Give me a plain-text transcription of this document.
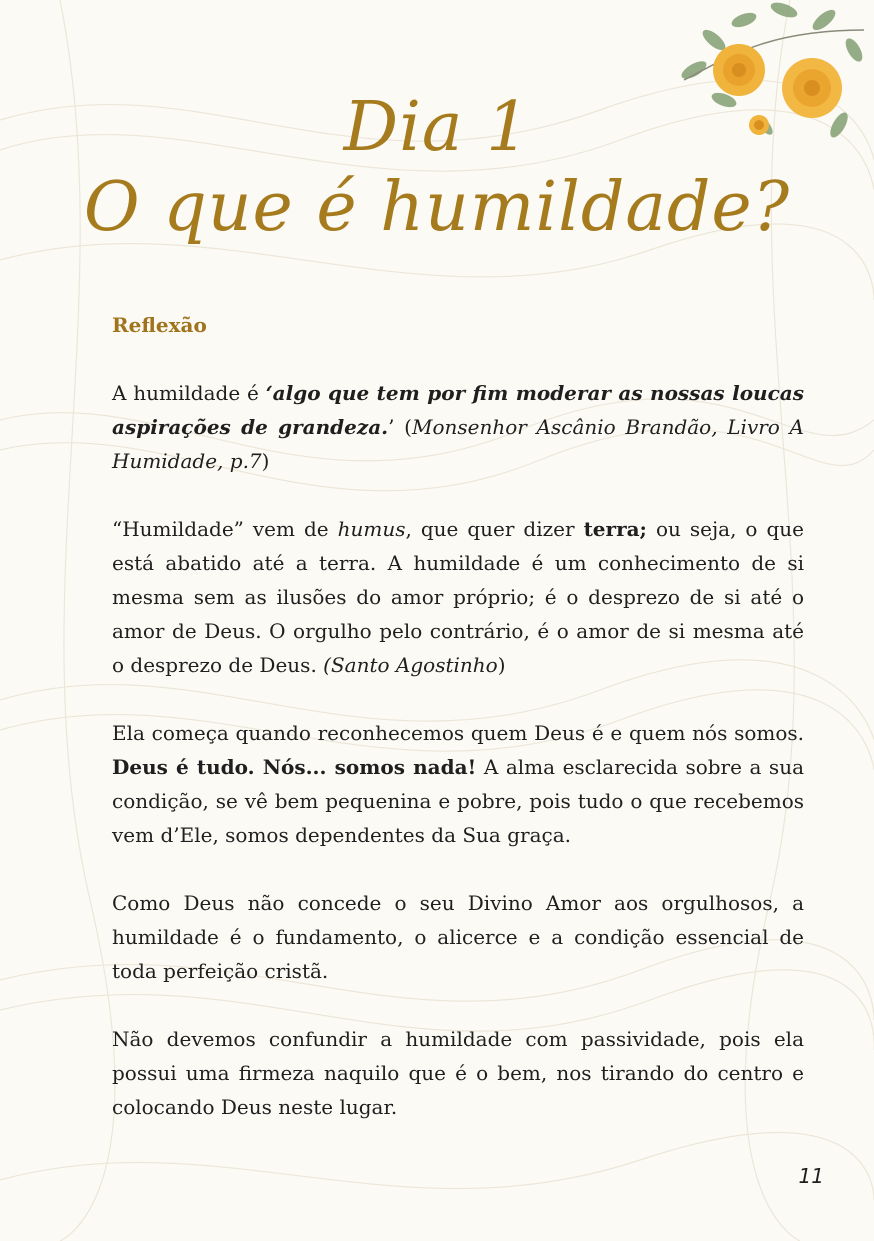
Dia 1
O que é humildade?
Reflexão

A humildade é ‘algo que tem por fim moderar as nossas loucas aspirações de grandeza.’ (Monsenhor Ascânio Brandão, Livro A Humidade, p.7)

“Humildade” vem de humus, que quer dizer terra; ou seja, o que está abatido até a terra. A humildade é um conhecimento de si mesma sem as ilusões do amor próprio; é o desprezo de si até o amor de Deus. O orgulho pelo contrário, é o amor de si mesma até o desprezo de Deus. (Santo Agostinho)

Ela começa quando reconhecemos quem Deus é e quem nós somos. Deus é tudo. Nós... somos nada! A alma esclarecida sobre a sua condição, se vê bem pequenina e pobre, pois tudo o que recebemos vem d’Ele, somos dependentes da Sua graça.

Como Deus não concede o seu Divino Amor aos orgulhosos, a humildade é o fundamento, o alicerce e a condição essencial de toda perfeição cristã.

Não devemos confundir a humildade com passividade, pois ela possui uma firmeza naquilo que é o bem, nos tirando do centro e colocando Deus neste lugar.

11
